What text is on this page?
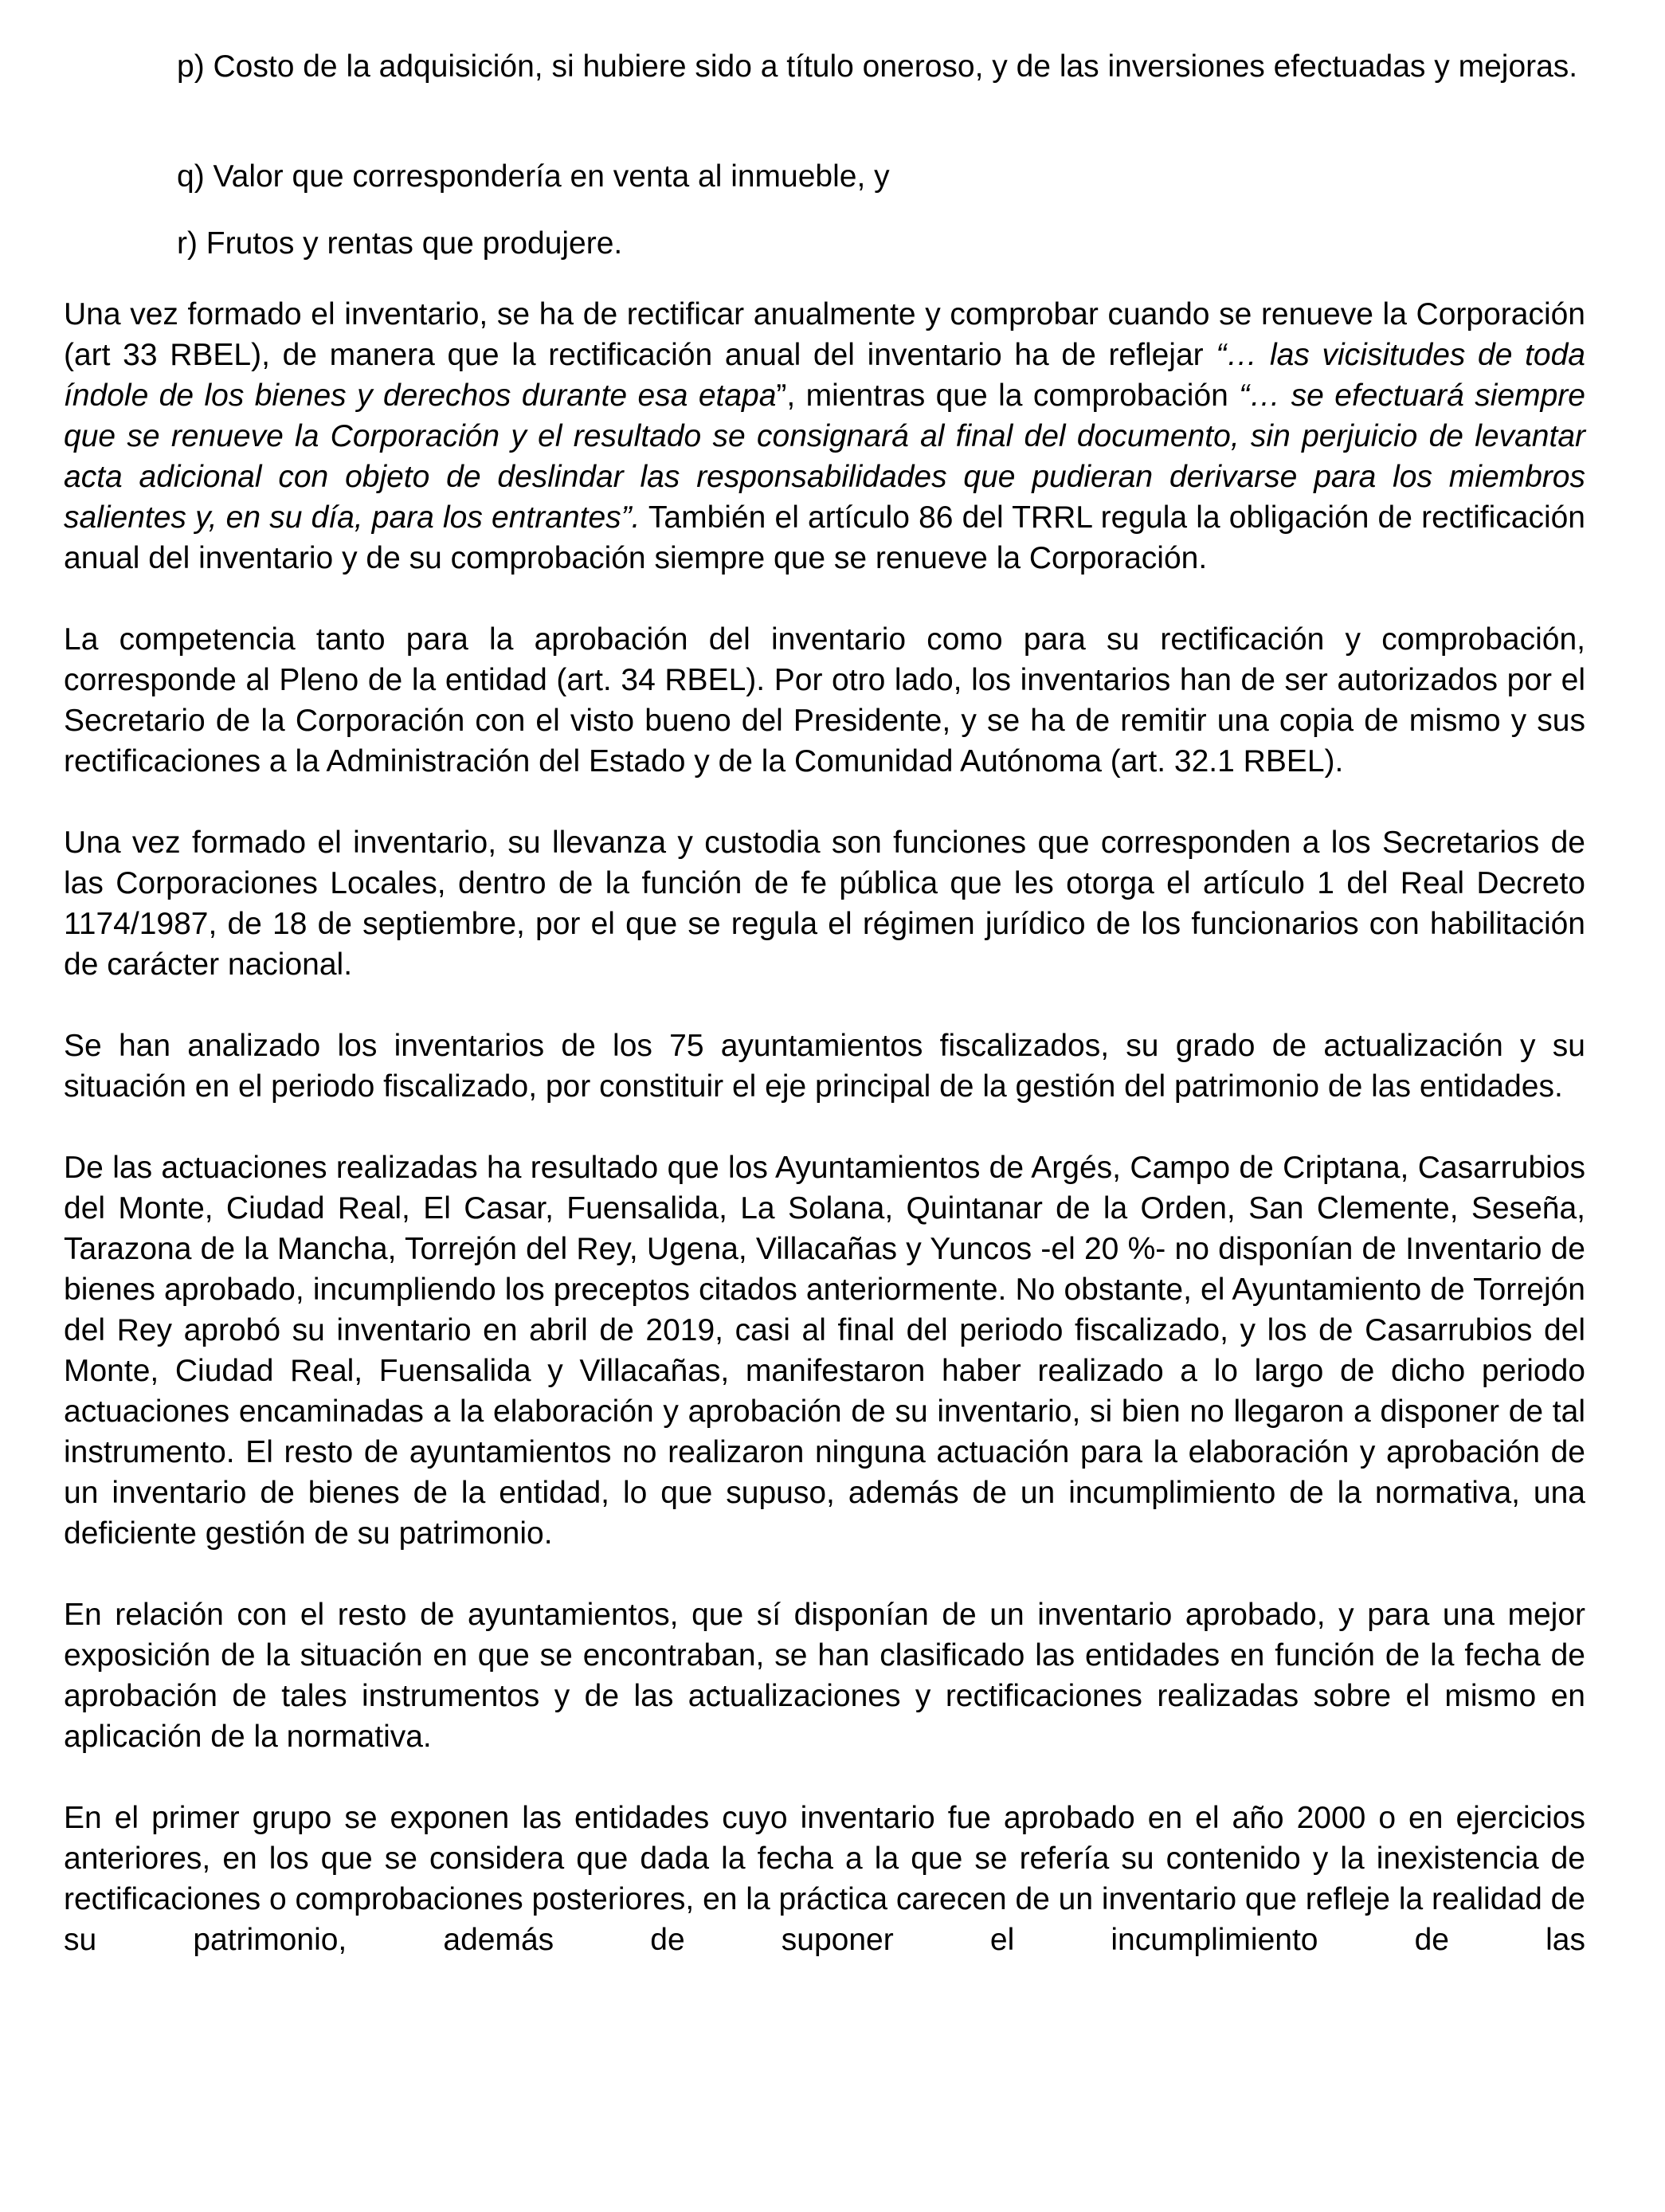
p) Costo de la adquisición, si hubiere sido a título oneroso, y de las inversiones efectuadas y mejoras.

q) Valor que correspondería en venta al inmueble, y

r) Frutos y rentas que produjere.

Una vez formado el inventario, se ha de rectificar anualmente y comprobar cuando se renueve la Corporación (art 33 RBEL), de manera que la rectificación anual del inventario ha de reflejar “… las vicisitudes de toda índole de los bienes y derechos durante esa etapa”, mientras que la comprobación “… se efectuará siempre que se renueve la Corporación y el resultado se consignará al final del documento, sin perjuicio de levantar acta adicional con objeto de deslindar las responsabilidades que pudieran derivarse para los miembros salientes y, en su día, para los entrantes”. También el artículo 86 del TRRL regula la obligación de rectificación anual del inventario y de su comprobación siempre que se renueve la Corporación.

La competencia tanto para la aprobación del inventario como para su rectificación y comprobación, corresponde al Pleno de la entidad (art. 34 RBEL). Por otro lado, los inventarios han de ser autorizados por el Secretario de la Corporación con el visto bueno del Presidente, y se ha de remitir una copia de mismo y sus rectificaciones a la Administración del Estado y de la Comunidad Autónoma (art. 32.1 RBEL).

Una vez formado el inventario, su llevanza y custodia son funciones que corresponden a los Secretarios de las Corporaciones Locales, dentro de la función de fe pública que les otorga el artículo 1 del Real Decreto 1174/1987, de 18 de septiembre, por el que se regula el régimen jurídico de los funcionarios con habilitación de carácter nacional.

Se han analizado los inventarios de los 75 ayuntamientos fiscalizados, su grado de actualización y su situación en el periodo fiscalizado, por constituir el eje principal de la gestión del patrimonio de las entidades.

De las actuaciones realizadas ha resultado que los Ayuntamientos de Argés, Campo de Criptana, Casarrubios del Monte, Ciudad Real, El Casar, Fuensalida, La Solana, Quintanar de la Orden, San Clemente, Seseña, Tarazona de la Mancha, Torrejón del Rey, Ugena, Villacañas y Yuncos -el 20 %- no disponían de Inventario de bienes aprobado, incumpliendo los preceptos citados anteriormente. No obstante, el Ayuntamiento de Torrejón del Rey aprobó su inventario en abril de 2019, casi al final del periodo fiscalizado, y los de Casarrubios del Monte, Ciudad Real, Fuensalida y Villacañas, manifestaron haber realizado a lo largo de dicho periodo actuaciones encaminadas a la elaboración y aprobación de su inventario, si bien no llegaron a disponer de tal instrumento. El resto de ayuntamientos no realizaron ninguna actuación para la elaboración y aprobación de un inventario de bienes de la entidad, lo que supuso, además de un incumplimiento de la normativa, una deficiente gestión de su patrimonio.

En relación con el resto de ayuntamientos, que sí disponían de un inventario aprobado, y para una mejor exposición de la situación en que se encontraban, se han clasificado las entidades en función de la fecha de aprobación de tales instrumentos y de las actualizaciones y rectificaciones realizadas sobre el mismo en aplicación de la normativa.

En el primer grupo se exponen las entidades cuyo inventario fue aprobado en el año 2000 o en ejercicios anteriores, en los que se considera que dada la fecha a la que se refería su contenido y la inexistencia de rectificaciones o comprobaciones posteriores, en la práctica carecen de un inventario que refleje la realidad de su patrimonio, además de suponer el incumplimiento de las
